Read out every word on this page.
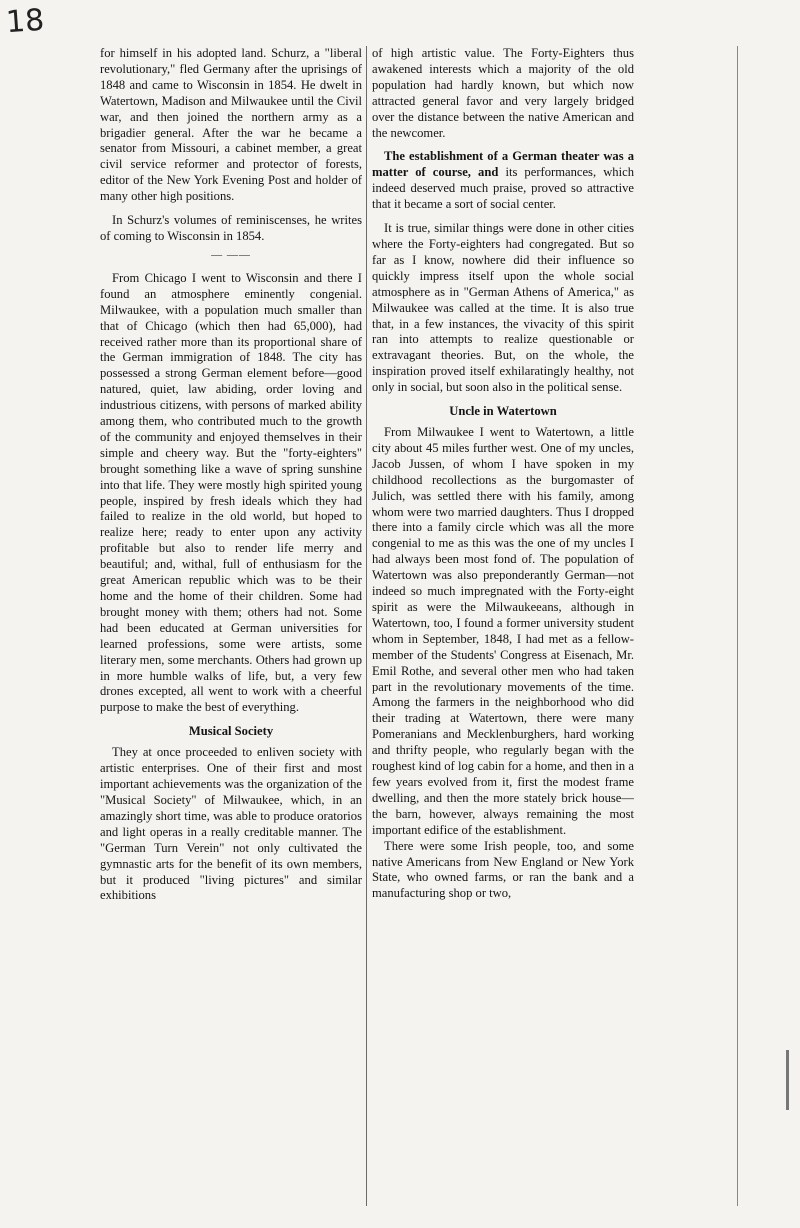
18

for himself in his adopted land. Schurz, a "liberal revolutionary," fled Germany after the uprisings of 1848 and came to Wisconsin in 1854. He dwelt in Watertown, Madison and Milwaukee until the Civil war, and then joined the northern army as a brigadier general. After the war he became a senator from Missouri, a cabinet member, a great civil service reformer and protector of forests, editor of the New York Evening Post and holder of many other high positions.

In Schurz's volumes of reminiscenses, he writes of coming to Wisconsin in 1854.

— ——

From Chicago I went to Wisconsin and there I found an atmosphere eminently congenial. Milwaukee, with a population much smaller than that of Chicago (which then had 65,000), had received rather more than its proportional share of the German immigration of 1848. The city has possessed a strong German element before—good natured, quiet, law abiding, order loving and industrious citizens, with persons of marked ability among them, who contributed much to the growth of the community and enjoyed themselves in their simple and cheery way. But the "forty-eighters" brought something like a wave of spring sunshine into that life. They were mostly high spirited young people, inspired by fresh ideals which they had failed to realize in the old world, but hoped to realize here; ready to enter upon any activity profitable but also to render life merry and beautiful; and, withal, full of enthusiasm for the great American republic which was to be their home and the home of their children. Some had brought money with them; others had not. Some had been educated at German universities for learned professions, some were artists, some literary men, some merchants. Others had grown up in more humble walks of life, but, a very few drones excepted, all went to work with a cheerful purpose to make the best of everything.

Musical Society

They at once proceeded to enliven society with artistic enterprises. One of their first and most important achievements was the organization of the "Musical Society" of Milwaukee, which, in an amazingly short time, was able to produce oratorios and light operas in a really creditable manner. The "German Turn Verein" not only cultivated the gymnastic arts for the benefit of its own members, but it produced "living pictures" and similar exhibitions

of high artistic value. The Forty-Eighters thus awakened interests which a majority of the old population had hardly known, but which now attracted general favor and very largely bridged over the distance between the native American and the newcomer.

The establishment of a German theater was a matter of course, and its performances, which indeed deserved much praise, proved so attractive that it became a sort of social center.

It is true, similar things were done in other cities where the Forty-eighters had congregated. But so far as I know, nowhere did their influence so quickly impress itself upon the whole social atmosphere as in "German Athens of America," as Milwaukee was called at the time. It is also true that, in a few instances, the vivacity of this spirit ran into attempts to realize questionable or extravagant theories. But, on the whole, the inspiration proved itself exhilaratingly healthy, not only in social, but soon also in the political sense.

Uncle in Watertown

From Milwaukee I went to Watertown, a little city about 45 miles further west. One of my uncles, Jacob Jussen, of whom I have spoken in my childhood recollections as the burgomaster of Julich, was settled there with his family, among whom were two married daughters. Thus I dropped there into a family circle which was all the more congenial to me as this was the one of my uncles I had always been most fond of. The population of Watertown was also preponderantly German—not indeed so much impregnated with the Forty-eight spirit as were the Milwaukeeans, although in Watertown, too, I found a former university student whom in September, 1848, I had met as a fellow-member of the Students' Congress at Eisenach, Mr. Emil Rothe, and several other men who had taken part in the revolutionary movements of the time. Among the farmers in the neighborhood who did their trading at Watertown, there were many Pomeranians and Mecklenburghers, hard working and thrifty people, who regularly began with the roughest kind of log cabin for a home, and then in a few years evolved from it, first the modest frame dwelling, and then the more stately brick house—the barn, however, always remaining the most important edifice of the establishment.

There were some Irish people, too, and some native Americans from New England or New York State, who owned farms, or ran the bank and a manufacturing shop or two,
